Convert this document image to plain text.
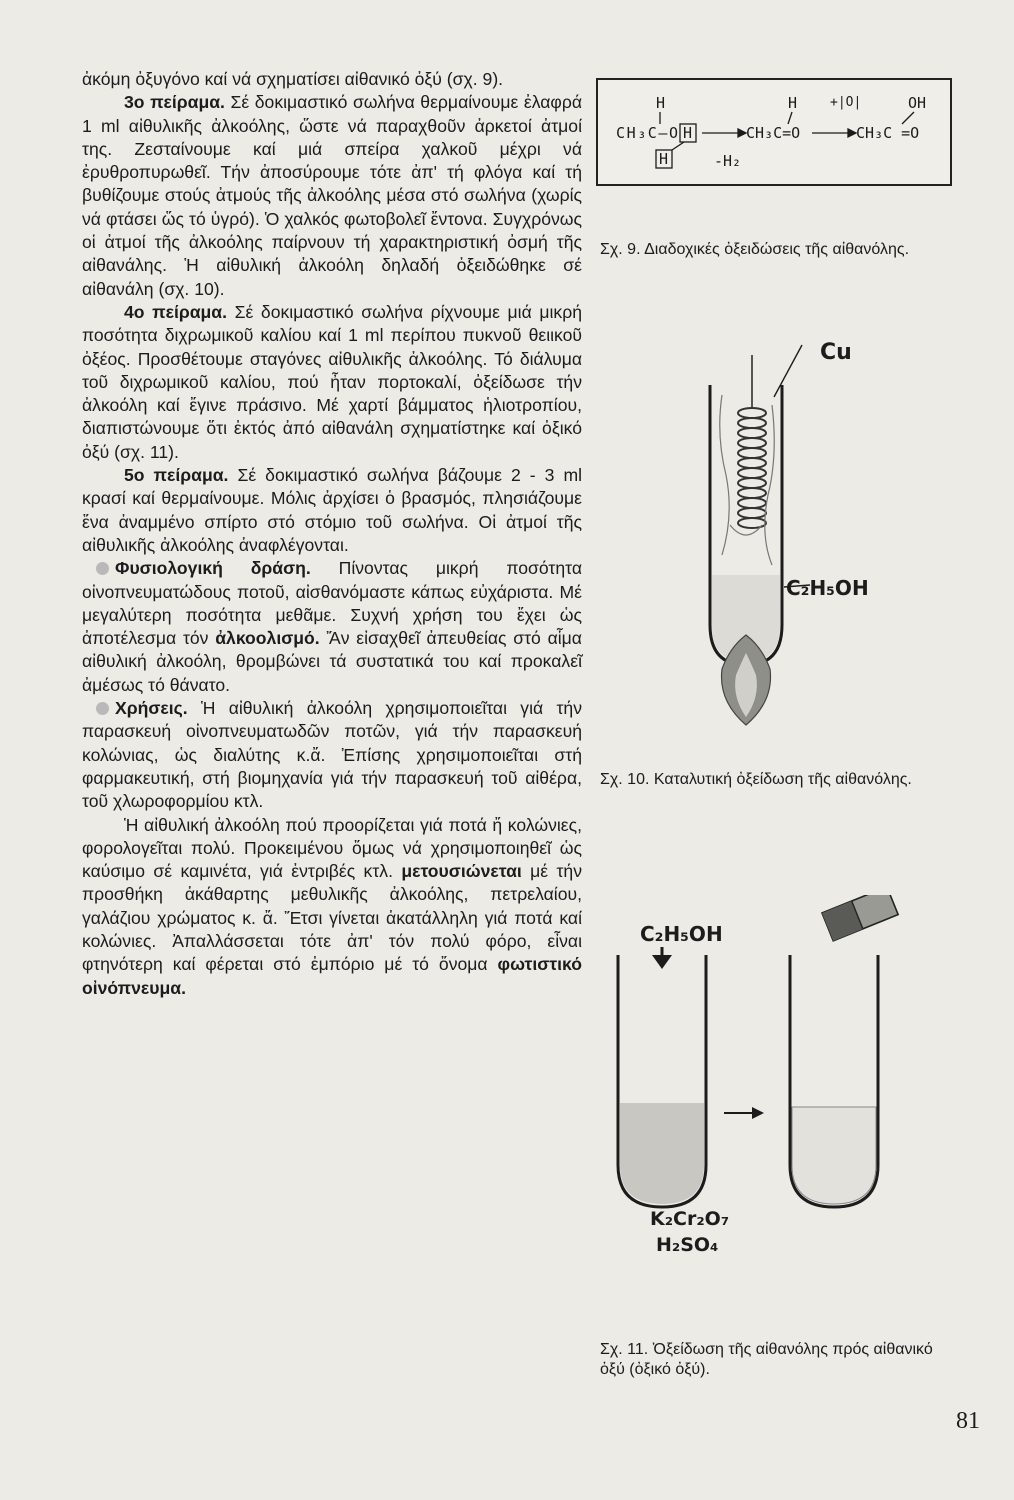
ἀκόμη ὀξυγόνο καί νά σχηματίσει αἰθανικό ὀξύ (σχ. 9).

3ο πείραμα. Σέ δοκιμαστικό σωλήνα θερμαίνουμε ἐλαφρά 1 ml αἰθυλικῆς ἀλκοόλης, ὥστε νά παραχθοῦν ἀρκετοί ἀτμοί της. Ζεσταίνουμε καί μιά σπείρα χαλκοῦ μέχρι νά ἐρυθροπυρωθεῖ. Τήν ἀποσύρουμε τότε ἀπ' τή φλόγα καί τή βυθίζουμε στούς ἀτμούς τῆς ἀλκοόλης μέσα στό σωλήνα (χωρίς νά φτάσει ὥς τό ὑγρό). Ὁ χαλκός φωτοβολεῖ ἔντονα. Συγχρόνως οἱ ἀτμοί τῆς ἀλκοόλης παίρνουν τή χαρακτηριστική ὀσμή τῆς αἰθανάλης. Ἡ αἰθυλική ἀλκοόλη δηλαδή ὀξειδώθηκε σέ αἰθανάλη (σχ. 10).

4ο πείραμα. Σέ δοκιμαστικό σωλήνα ρίχνουμε μιά μικρή ποσότητα διχρωμικοῦ καλίου καί 1 ml περίπου πυκνοῦ θειικοῦ ὀξέος. Προσθέτουμε σταγόνες αἰθυλικῆς ἀλκοόλης. Τό διάλυμα τοῦ διχρωμικοῦ καλίου, πού ἦταν πορτοκαλί, ὀξείδωσε τήν ἀλκοόλη καί ἔγινε πράσινο. Μέ χαρτί βάμματος ἡλιοτροπίου, διαπιστώνουμε ὅτι ἐκτός ἀπό αἰθανάλη σχηματίστηκε καί ὀξικό ὀξύ (σχ. 11).

5ο πείραμα. Σέ δοκιμαστικό σωλήνα βάζουμε 2 - 3 ml κρασί καί θερμαίνουμε. Μόλις ἀρχίσει ὁ βρασμός, πλησιάζουμε ἕνα ἀναμμένο σπίρτο στό στόμιο τοῦ σωλήνα. Οἱ ἀτμοί τῆς αἰθυλικῆς ἀλκοόλης ἀναφλέγονται.

Φυσιολογική δράση. Πίνοντας μικρή ποσότητα οἰνοπνευματώδους ποτοῦ, αἰσθανόμαστε κάπως εὐχάριστα. Μέ μεγαλύτερη ποσότητα μεθᾶμε. Συχνή χρήση του ἔχει ὡς ἀποτέλεσμα τόν ἀλκοολισμό. Ἄν εἰσαχθεῖ ἀπευθείας στό αἷμα αἰθυλική ἀλκοόλη, θρομβώνει τά συστατικά του καί προκαλεῖ ἀμέσως τό θάνατο.

Χρήσεις. Ἡ αἰθυλική ἀλκοόλη χρησιμοποιεῖται γιά τήν παρασκευή οἰνοπνευματωδῶν ποτῶν, γιά τήν παρασκευή κολώνιας, ὡς διαλύτης κ.ἄ. Ἐπίσης χρησιμοποιεῖται στή φαρμακευτική, στή βιομηχανία γιά τήν παρασκευή τοῦ αἰθέρα, τοῦ χλωροφορμίου κτλ.

Ἡ αἰθυλική ἀλκοόλη πού προορίζεται γιά ποτά ἤ κολώνιες, φορολογεῖται πολύ. Προκειμένου ὅμως νά χρησιμοποιηθεῖ ὡς καύσιμο σέ καμινέτα, γιά ἐντριβές κτλ. μετουσιώνεται μέ τήν προσθήκη ἀκάθαρτης μεθυλικῆς ἀλκοόλης, πετρελαίου, γαλάζιου χρώματος κ. ἄ. Ἔτσι γίνεται ἀκατάλληλη γιά ποτά καί κολώνιες. Ἀπαλλάσσεται τότε ἀπ' τόν πολύ φόρο, εἶναι φτηνότερη καί φέρεται στό ἐμπόριο μέ τό ὄνομα φωτιστικό οἰνόπνευμα.

H	H	+|O|	OH
CH₃C—O H	CH₃C=O	CH₃C =O
H	-H₂
Σχ. 9. Διαδοχικές ὀξειδώσεις τῆς αἰθανόλης.
Cu
C₂H₅OH
Σχ. 10. Καταλυτική ὀξείδωση τῆς αἰθανόλης.
C₂H₅OH
K₂Cr₂O₇
H₂SO₄
Σχ. 11. Ὀξείδωση τῆς αἰθανόλης πρός αἰθανικό ὀξύ (ὀξικό ὀξύ).
81
